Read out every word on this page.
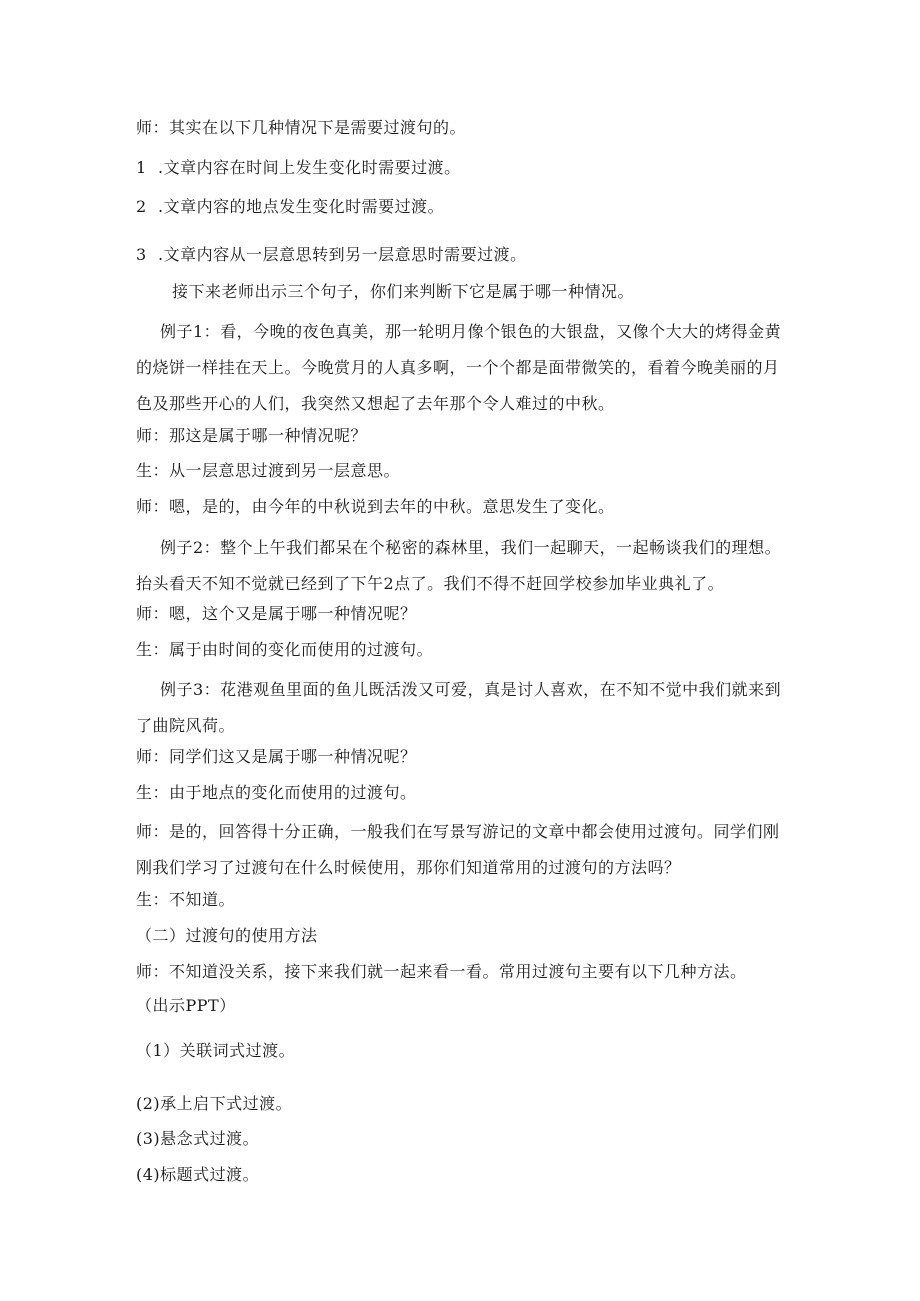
师：其实在以下几种情况下是需要过渡句的。
1 .文章内容在时间上发生变化时需要过渡。
2 .文章内容的地点发生变化时需要过渡。
3 .文章内容从一层意思转到另一层意思时需要过渡。
接下来老师出示三个句子，你们来判断下它是属于哪一种情况。
例子1：看，今晚的夜色真美，那一轮明月像个银色的大银盘，又像个大大的烤得金黄的烧饼一样挂在天上。今晚赏月的人真多啊，一个个都是面带微笑的，看着今晚美丽的月色及那些开心的人们，我突然又想起了去年那个令人难过的中秋。
师：那这是属于哪一种情况呢？
生：从一层意思过渡到另一层意思。
师：嗯，是的，由今年的中秋说到去年的中秋。意思发生了变化。
例子2：整个上午我们都呆在个秘密的森林里，我们一起聊天，一起畅谈我们的理想。抬头看天不知不觉就已经到了下午2点了。我们不得不赶回学校参加毕业典礼了。
师：嗯，这个又是属于哪一种情况呢？
生：属于由时间的变化而使用的过渡句。
例子3：花港观鱼里面的鱼儿既活泼又可爱，真是讨人喜欢，在不知不觉中我们就来到了曲院风荷。
师：同学们这又是属于哪一种情况呢？
生：由于地点的变化而使用的过渡句。
师：是的，回答得十分正确，一般我们在写景写游记的文章中都会使用过渡句。同学们刚刚我们学习了过渡句在什么时候使用，那你们知道常用的过渡句的方法吗？
生：不知道。
（二）过渡句的使用方法
师：不知道没关系，接下来我们就一起来看一看。常用过渡句主要有以下几种方法。
（出示PPT）
（1）关联词式过渡。
(2)承上启下式过渡。
(3)悬念式过渡。
(4)标题式过渡。
